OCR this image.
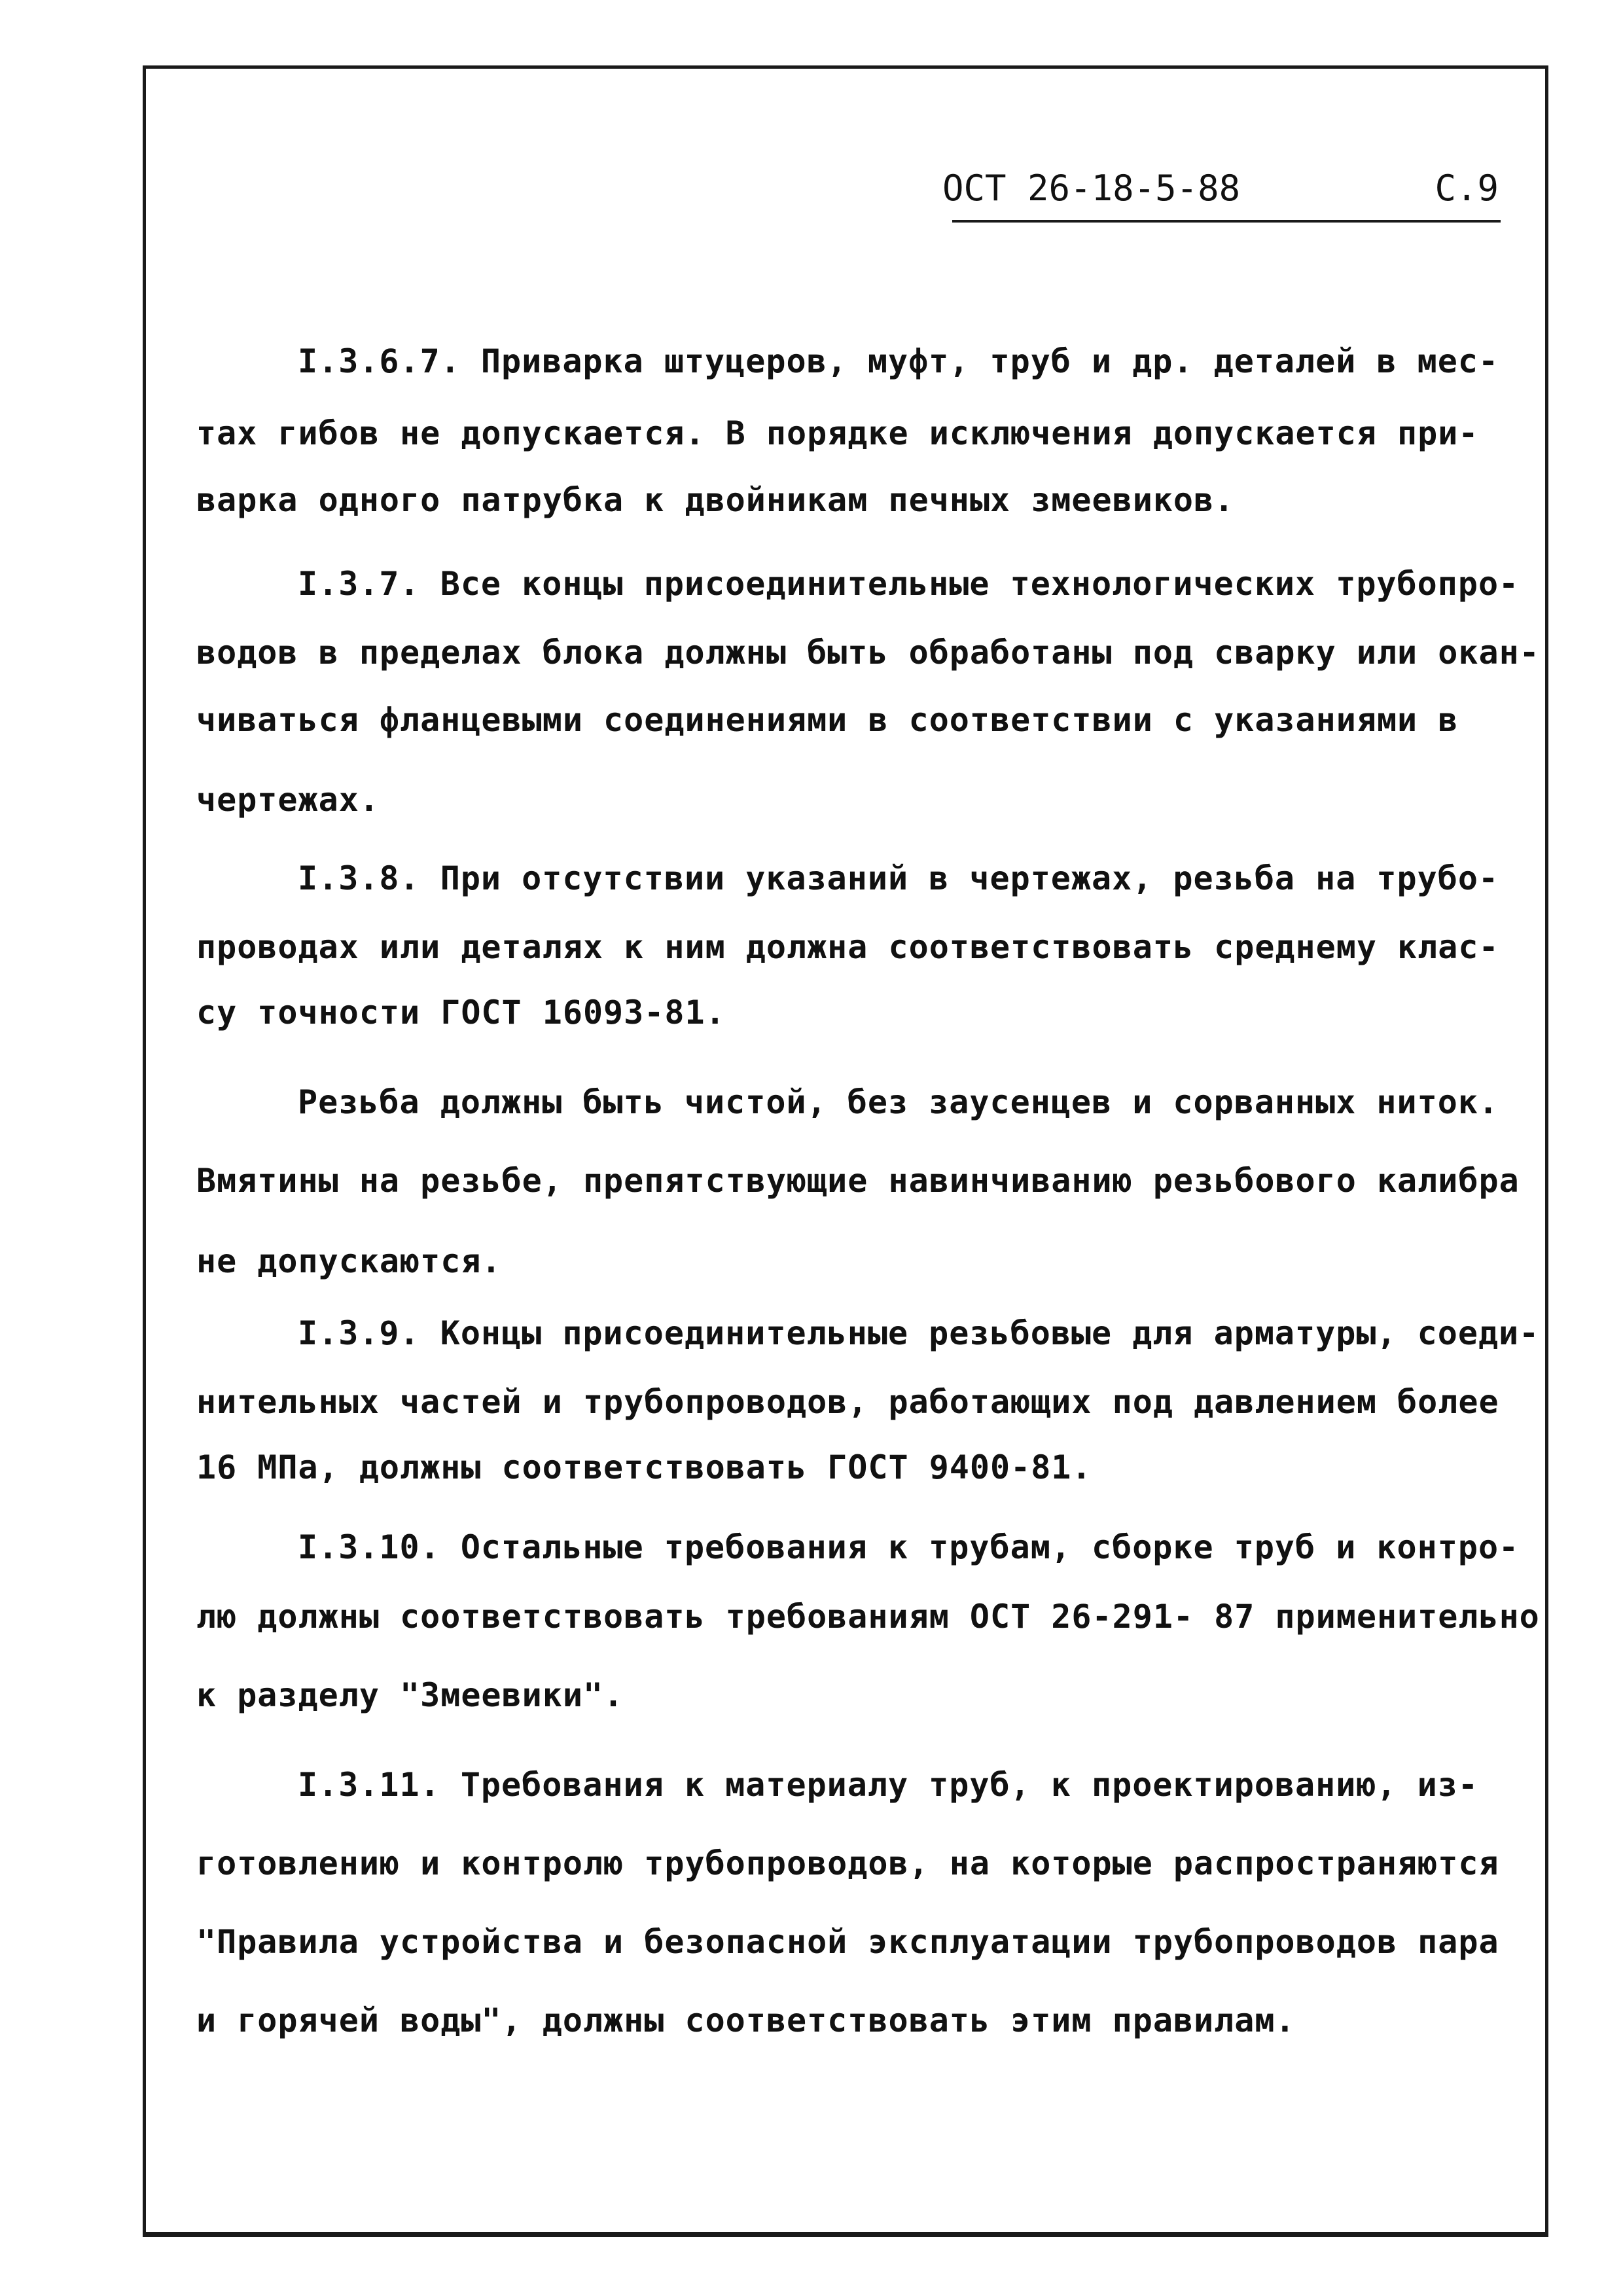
ОСТ 26-18-5-88	С.9
I.3.6.7. Приварка штуцеров, муфт, труб и др. деталей в мес-
тах гибов не допускается. В порядке исключения допускается при-
варка одного патрубка к двойникам печных змеевиков.
I.3.7. Все концы присоединительные технологических трубопро-
водов в пределах блока должны быть обработаны под сварку или окан-
чиваться фланцевыми соединениями в соответствии с указаниями в
чертежах.
I.3.8. При отсутствии указаний в чертежах, резьба на трубо-
проводах или деталях к ним должна соответствовать среднему клас-
су точности ГОСТ 16093-81.
Резьба должны быть чистой, без заусенцев и сорванных ниток.
Вмятины на резьбе, препятствующие навинчиванию резьбового калибра
не допускаются.
I.3.9. Концы присоединительные резьбовые для арматуры, соеди-
нительных частей и трубопроводов, работающих под давлением более
16 МПа, должны соответствовать ГОСТ 9400-81.
I.3.10. Остальные требования к трубам, сборке труб и контро-
лю должны соответствовать требованиям ОСТ 26-291- 87 применительно
к разделу "Змеевики".
I.3.11. Требования к материалу труб, к проектированию, из-
готовлению и контролю трубопроводов, на которые распространяются
"Правила устройства и безопасной эксплуатации трубопроводов пара
и горячей воды", должны соответствовать этим правилам.
